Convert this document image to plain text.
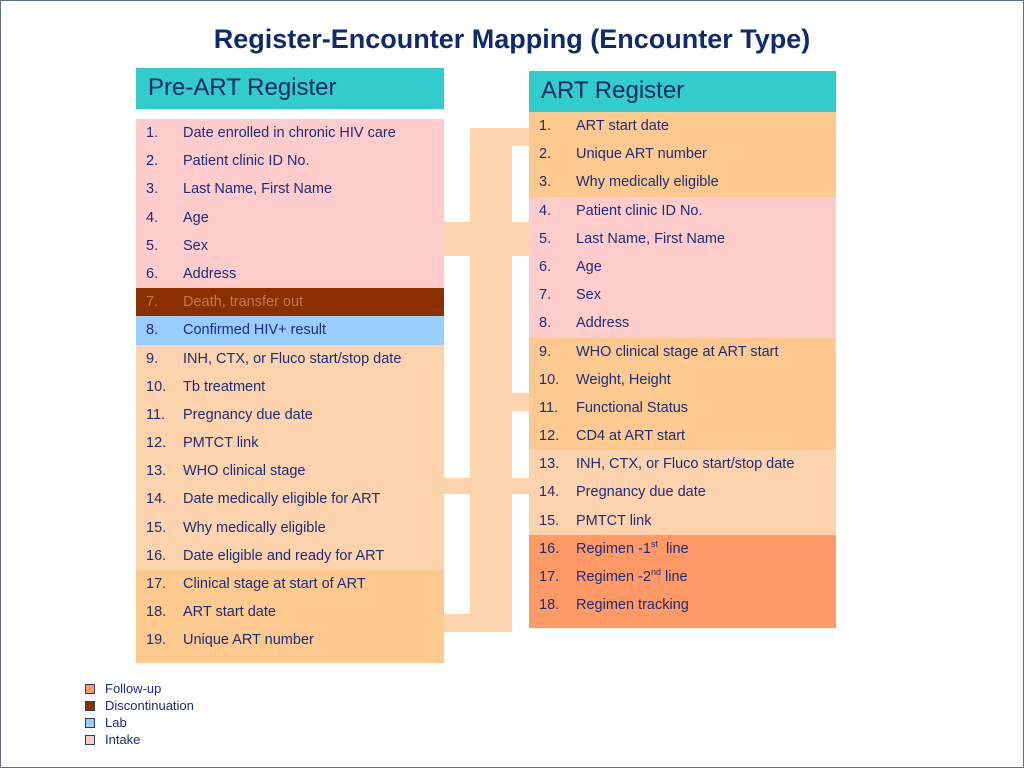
Register-Encounter Mapping (Encounter Type)
Pre-ART Register
1.	Date enrolled in chronic HIV care
2.	Patient clinic ID No.
3.	Last Name, First Name
4.	Age
5.	Sex
6.	Address
7.	Death, transfer out
8.	Confirmed HIV+ result
9.	INH, CTX, or Fluco start/stop date
10.	Tb treatment
11.	Pregnancy due date
12.	PMTCT link
13.	WHO clinical stage
14.	Date medically eligible for ART
15.	Why medically eligible
16.	Date eligible and ready for ART
17.	Clinical stage at start of ART
18.	ART start date
19.	Unique ART number
ART Register
1.	ART start date
2.	Unique ART number
3.	Why medically eligible
4.	Patient clinic ID No.
5.	Last Name, First Name
6.	Age
7.	Sex
8.	Address
9.	WHO clinical stage at ART start
10.	Weight, Height
11.	Functional Status
12.	CD4 at ART start
13.	INH, CTX, or Fluco start/stop date
14.	Pregnancy due date
15.	PMTCT link
16.	Regimen -1st  line
17.	Regimen -2nd line
18.	Regimen tracking
Follow-up
Discontinuation
Lab
Intake
